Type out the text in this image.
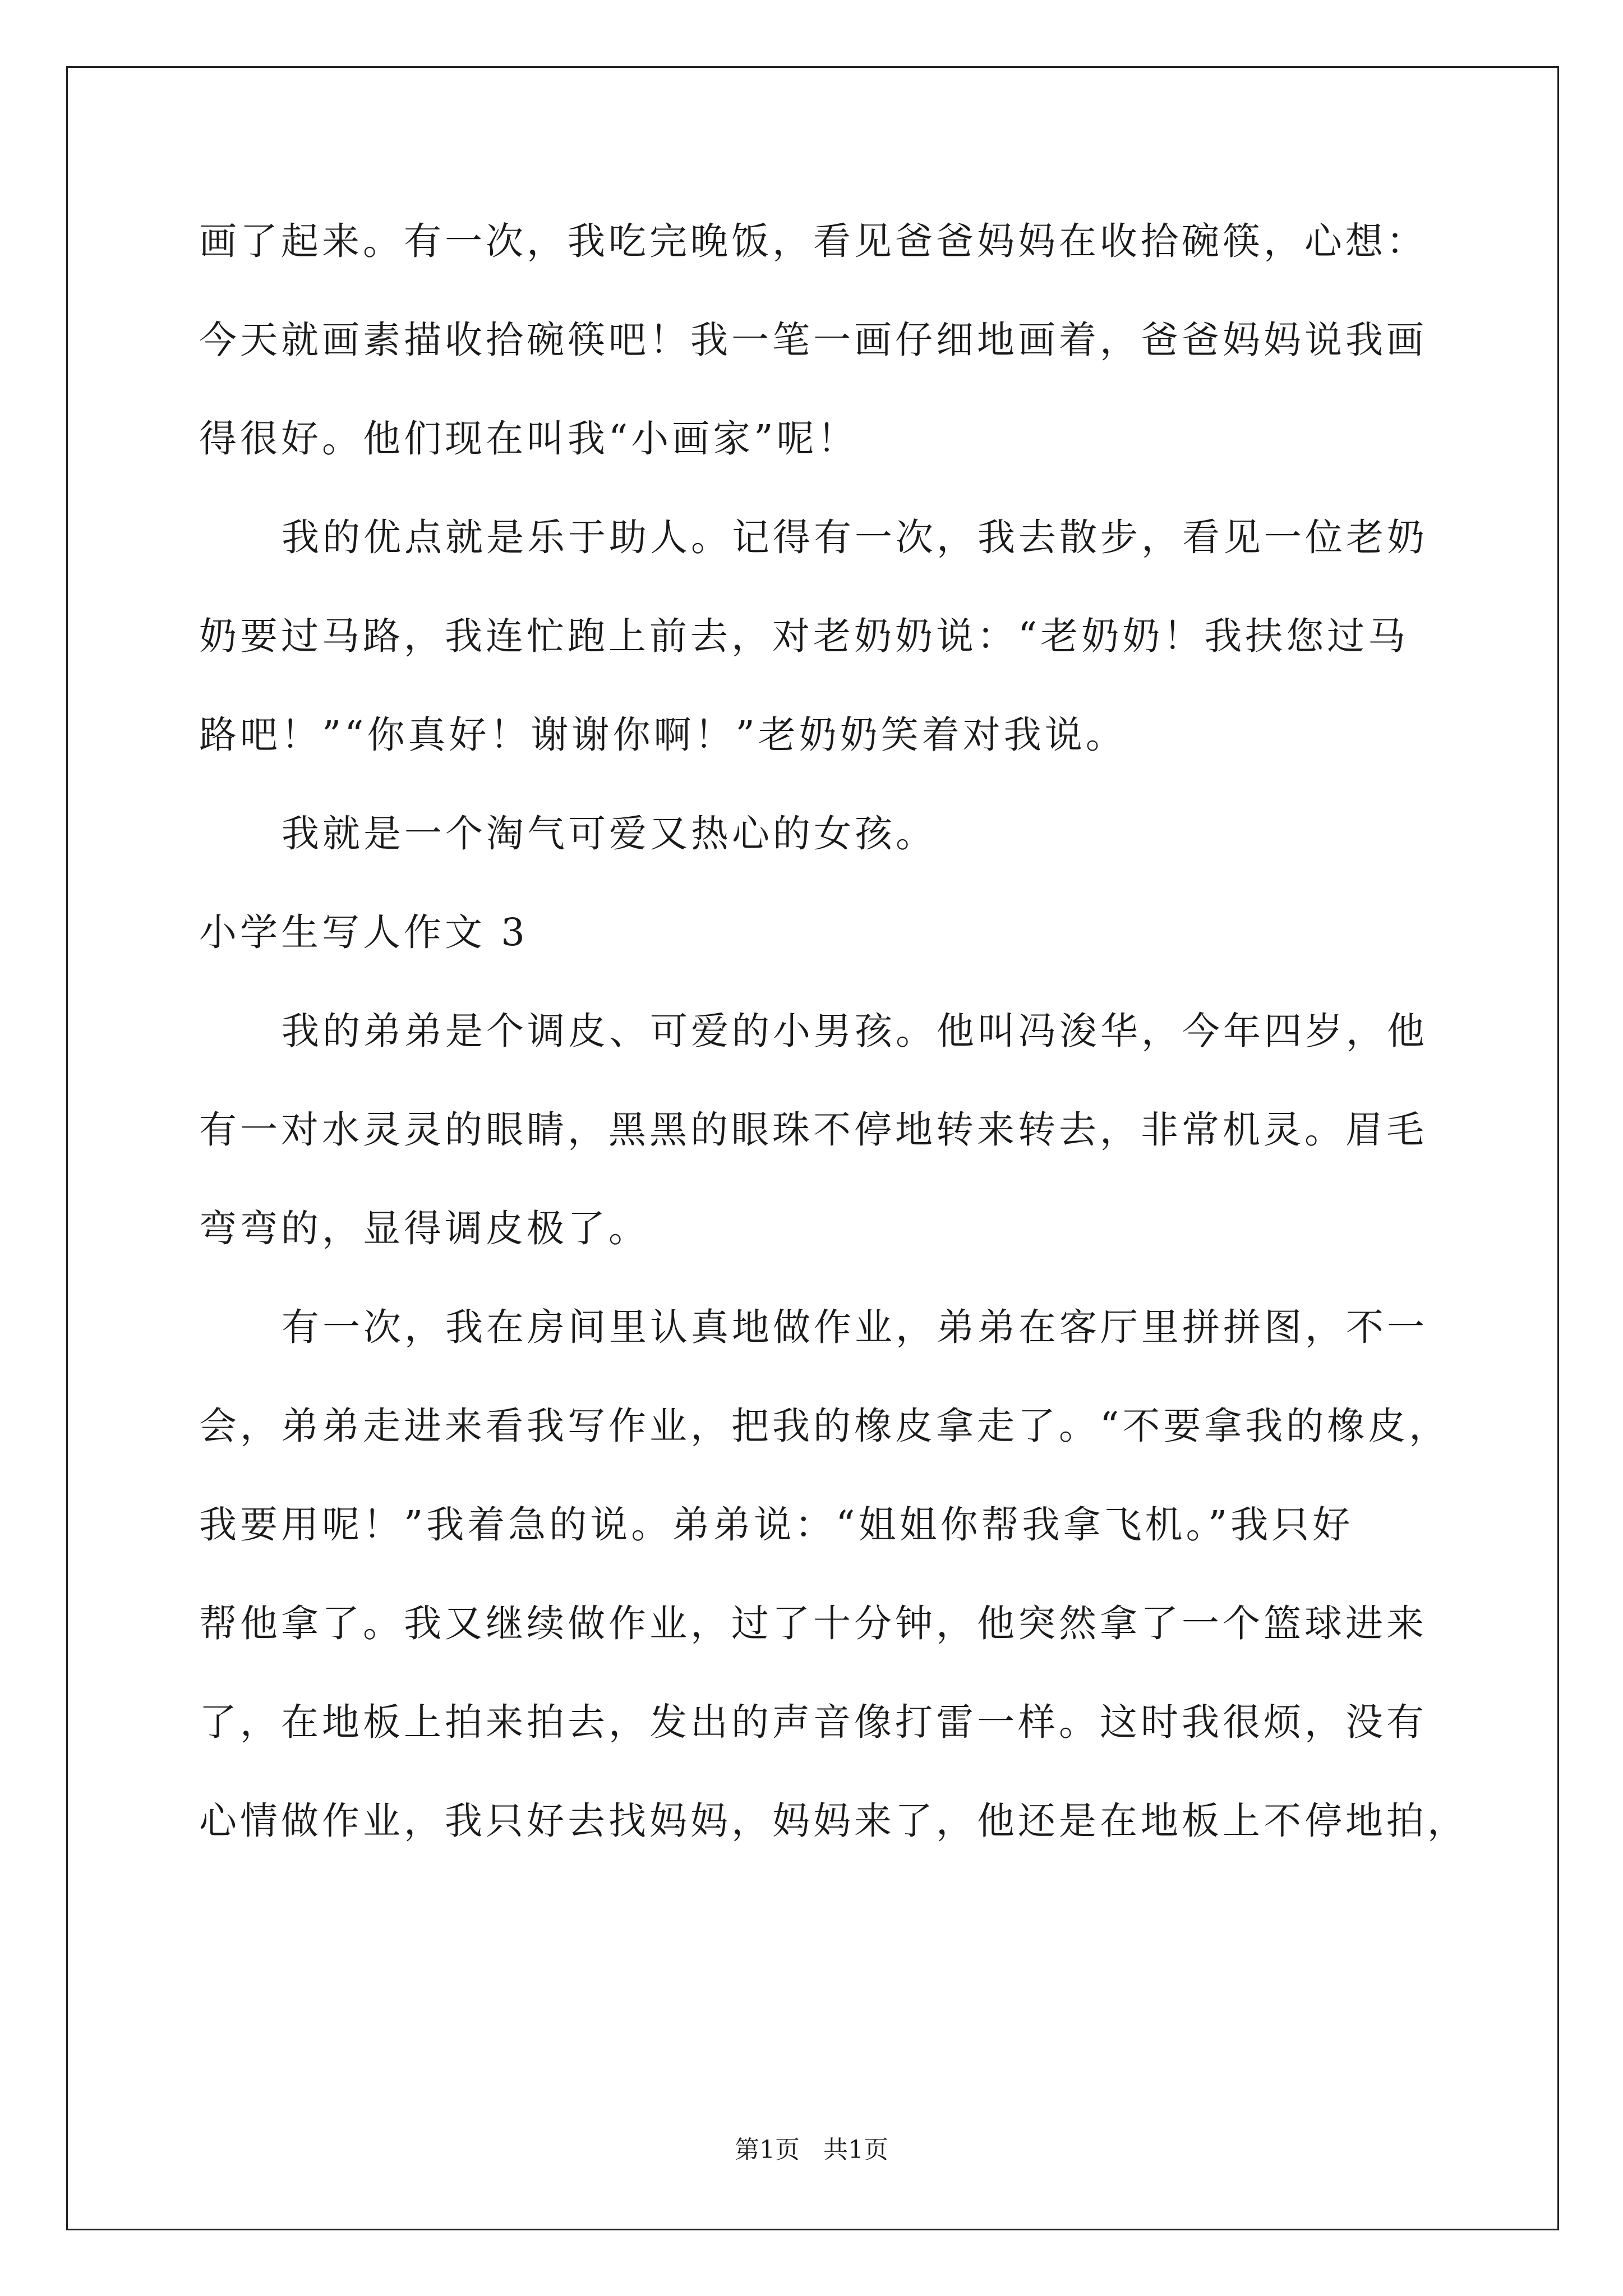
画了起来。有一次，我吃完晚饭，看见爸爸妈妈在收拾碗筷，心想：
今天就画素描收拾碗筷吧！我一笔一画仔细地画着，爸爸妈妈说我画
得很好。他们现在叫我“小画家”呢！
我的优点就是乐于助人。记得有一次，我去散步，看见一位老奶
奶要过马路，我连忙跑上前去，对老奶奶说：“老奶奶！我扶您过马
路吧！”“你真好！谢谢你啊！”老奶奶笑着对我说。
我就是一个淘气可爱又热心的女孩。
小学生写人作文 3
我的弟弟是个调皮、可爱的小男孩。他叫冯浚华，今年四岁，他
有一对水灵灵的眼睛，黑黑的眼珠不停地转来转去，非常机灵。眉毛
弯弯的，显得调皮极了。
有一次，我在房间里认真地做作业，弟弟在客厅里拼拼图，不一
会，弟弟走进来看我写作业，把我的橡皮拿走了。“不要拿我的橡皮，
我要用呢！”我着急的说。弟弟说：“姐姐你帮我拿飞机。”我只好
帮他拿了。我又继续做作业，过了十分钟，他突然拿了一个篮球进来
了，在地板上拍来拍去，发出的声音像打雷一样。这时我很烦，没有
心情做作业，我只好去找妈妈，妈妈来了，他还是在地板上不停地拍，
第1页   共1页
